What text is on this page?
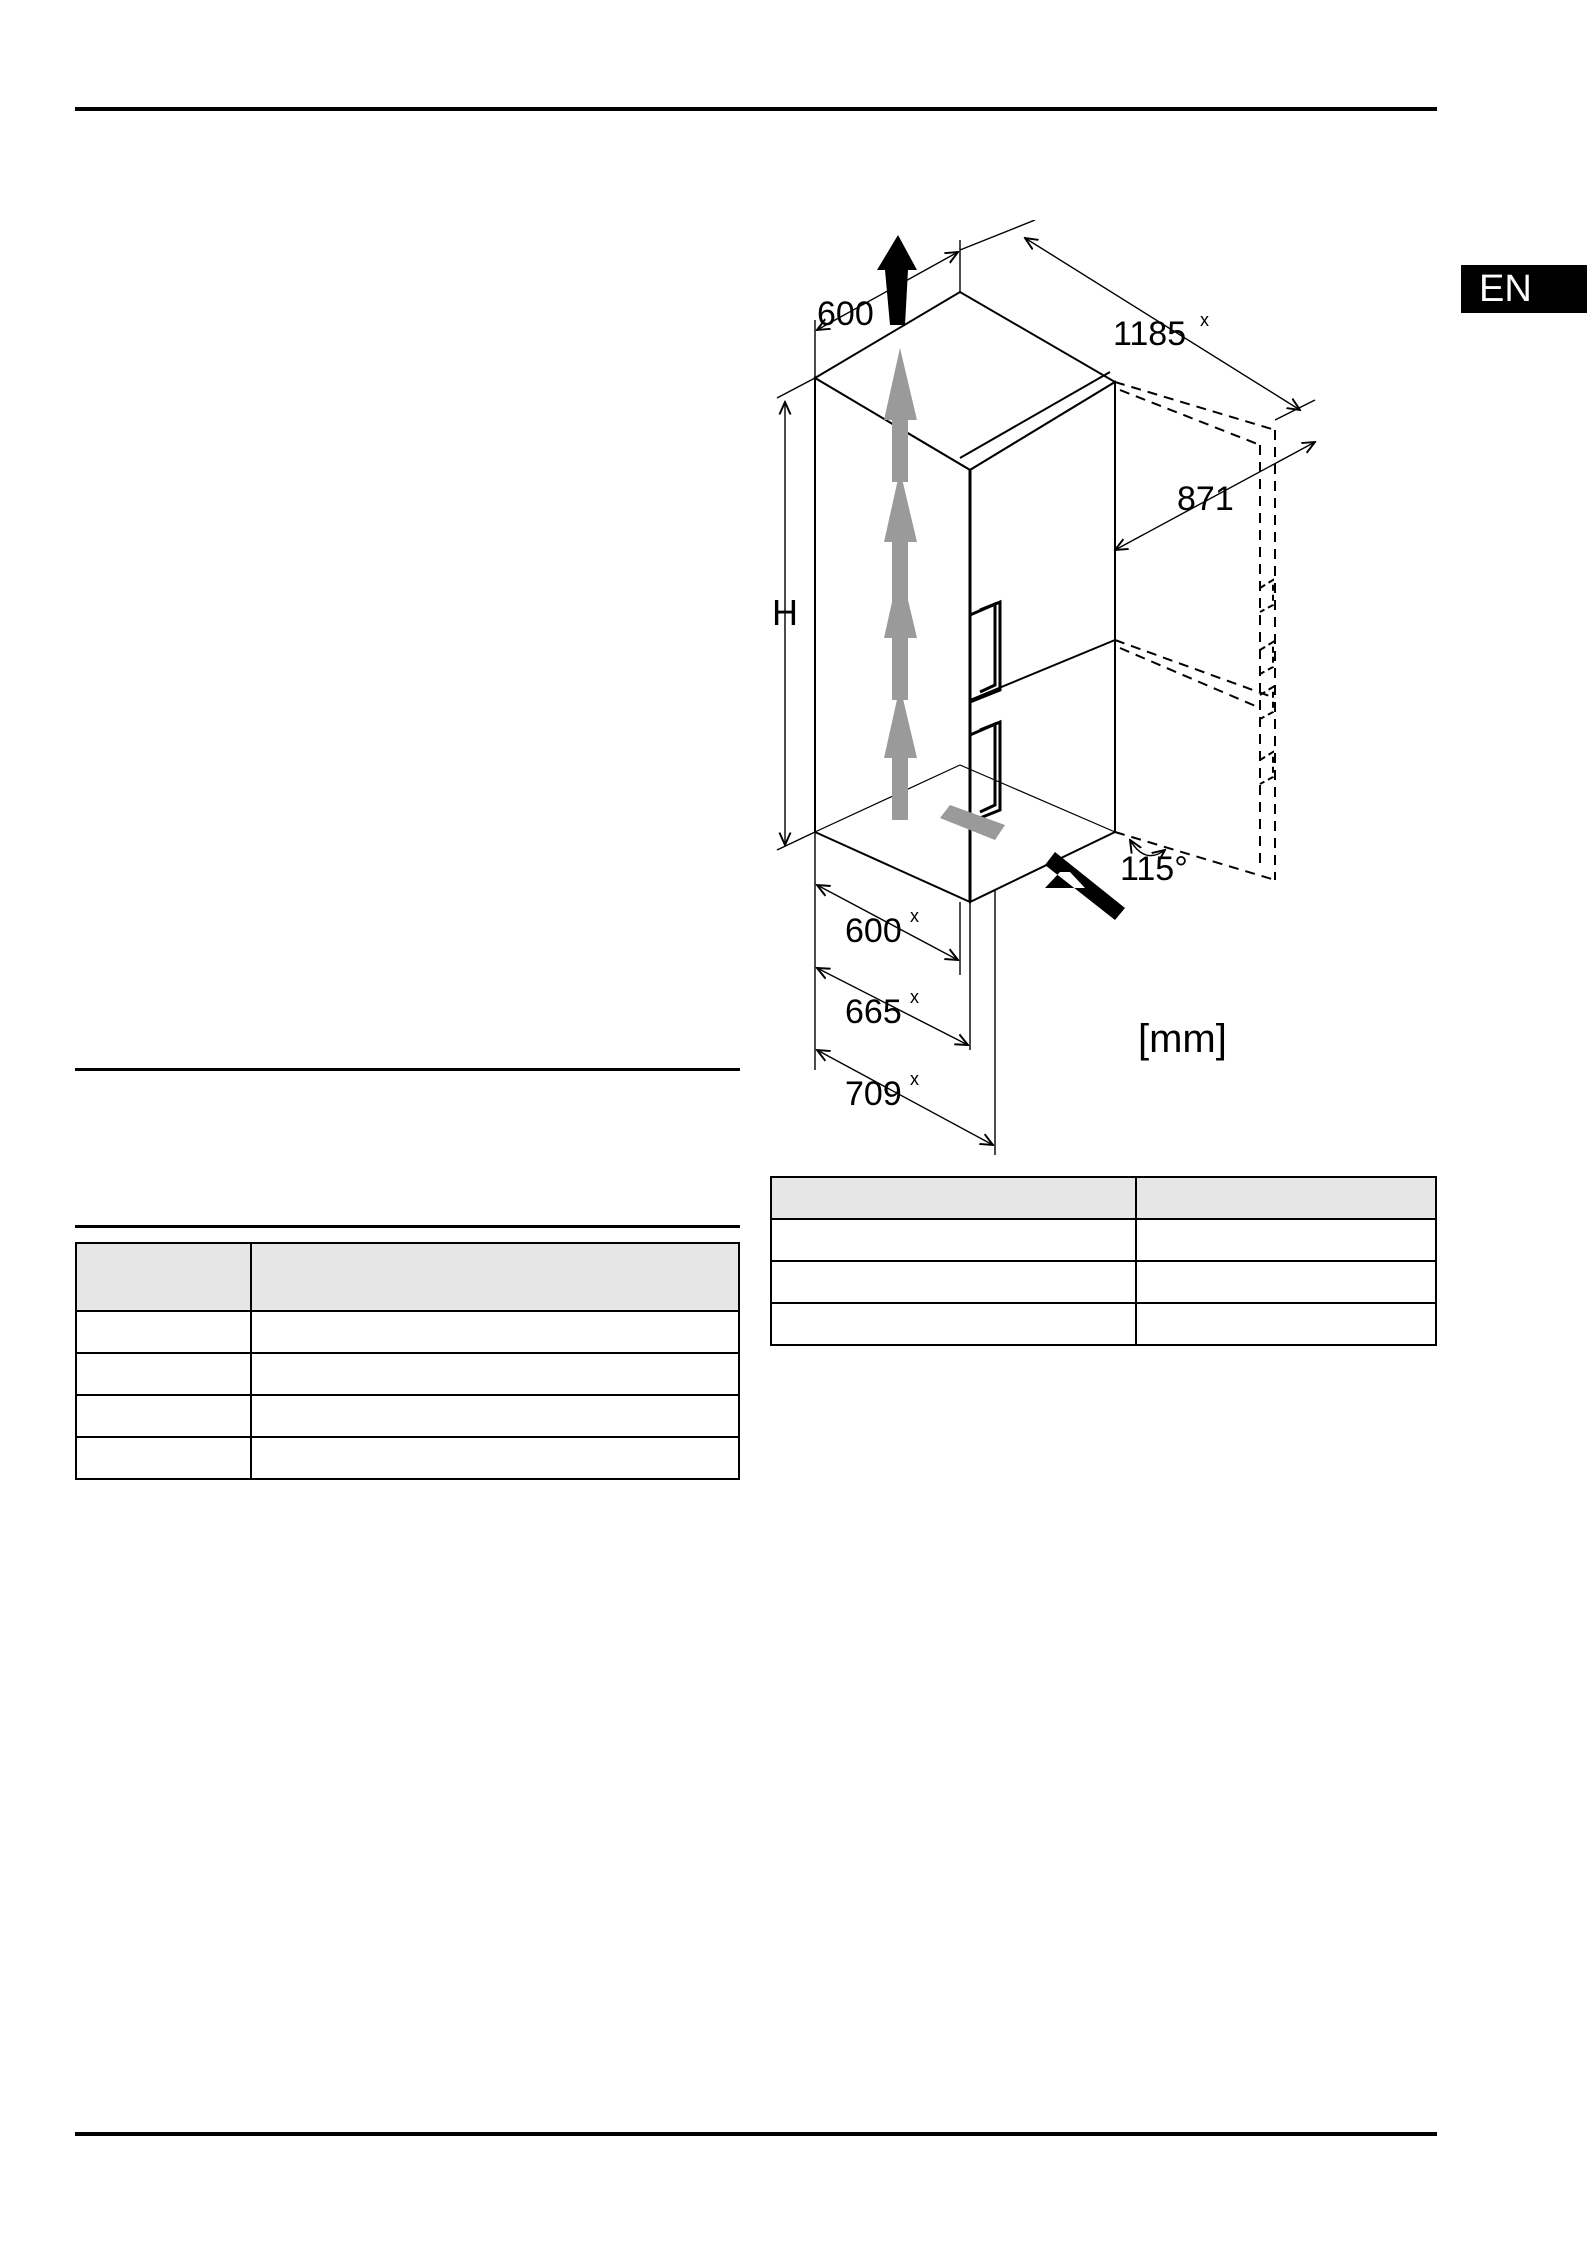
EN

600
1185 x
871
H
600 x
665 x
709 x
115°
[mm]
